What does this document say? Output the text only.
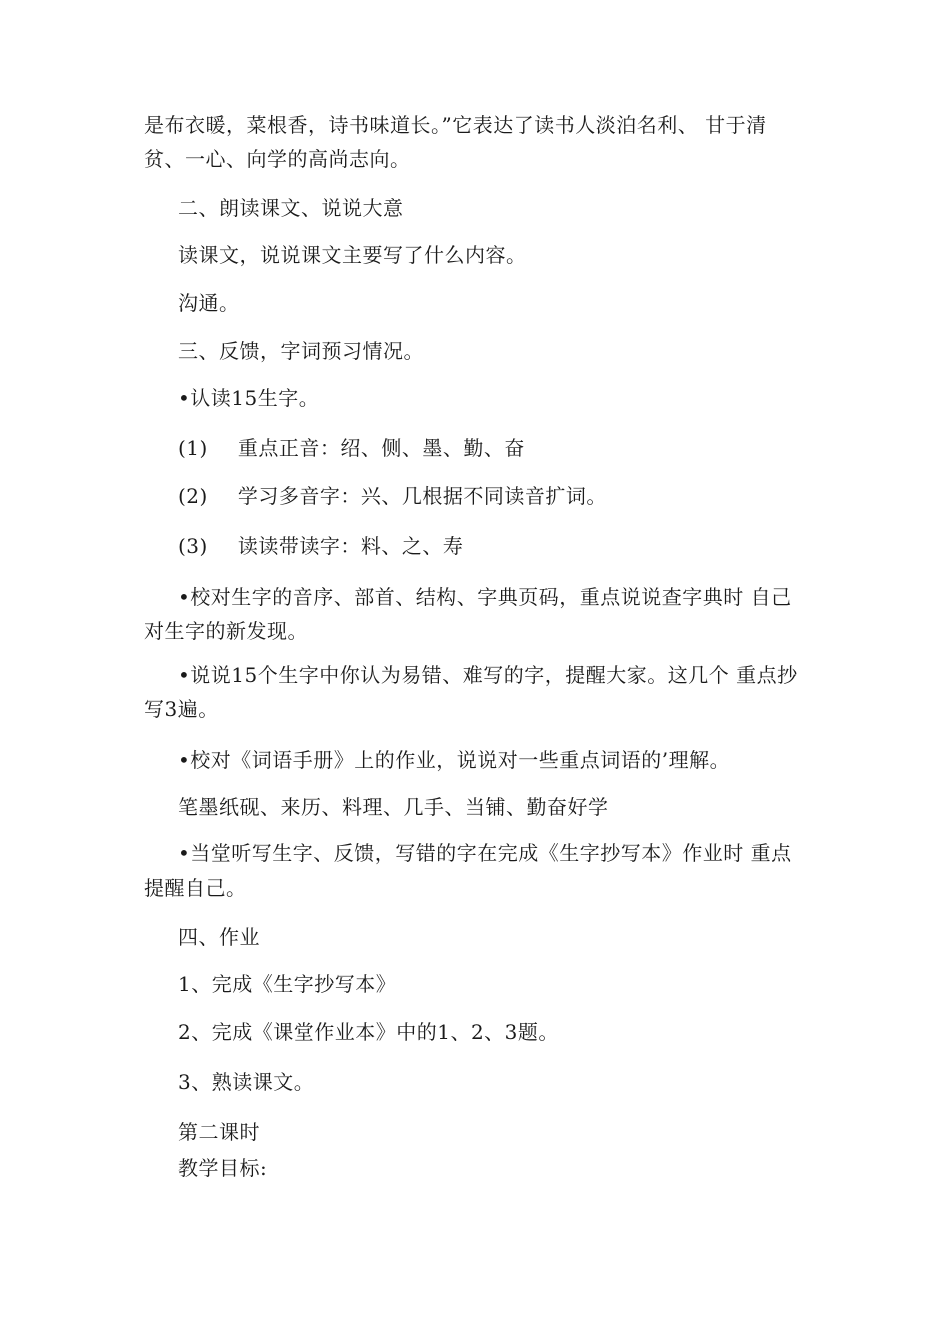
是布衣暖，菜根香，诗书味道长。”它表达了读书人淡泊名利、 甘于清
贫、一心、向学的高尚志向。
二、朗读课文、说说大意
读课文，说说课文主要写了什么内容。
沟通。
三、反馈，字词预习情况。
•认读15生字。
(1) 重点正音：绍、侧、墨、勤、奋
(2) 学习多音字：兴、几根据不同读音扩词。
(3) 读读带读字：料、之、寿
•校对生字的音序、部首、结构、字典页码，重点说说查字典时 自己
对生字的新发现。
•说说15个生字中你认为易错、难写的字，提醒大家。这几个 重点抄
写3遍。
•校对《词语手册》上的作业，说说对一些重点词语的’理解。
笔墨纸砚、来历、料理、几手、当铺、勤奋好学
•当堂听写生字、反馈，写错的字在完成《生字抄写本》作业时 重点
提醒自己。
四、作业
1、完成《生字抄写本》
2、完成《课堂作业本》中的1、2、3题。
3、熟读课文。
第二课时
教学目标:
